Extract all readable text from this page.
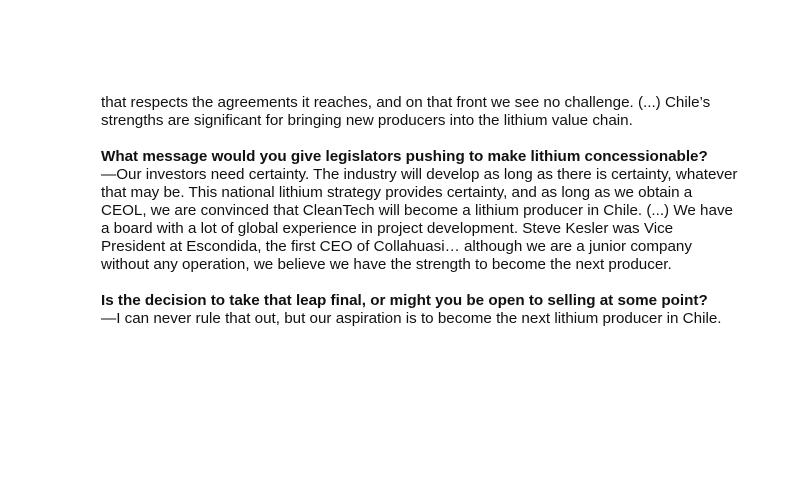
that respects the agreements it reaches, and on that front we see no challenge. (...) Chile’s strengths are significant for bringing new producers into the lithium value chain.

What message would you give legislators pushing to make lithium concessionable?

—Our investors need certainty. The industry will develop as long as there is certainty, whatever that may be. This national lithium strategy provides certainty, and as long as we obtain a CEOL, we are convinced that CleanTech will become a lithium producer in Chile. (...) We have a board with a lot of global experience in project development. Steve Kesler was Vice President at Escondida, the first CEO of Collahuasi… although we are a junior company without any operation, we believe we have the strength to become the next producer.

Is the decision to take that leap final, or might you be open to selling at some point?

—I can never rule that out, but our aspiration is to become the next lithium producer in Chile.
